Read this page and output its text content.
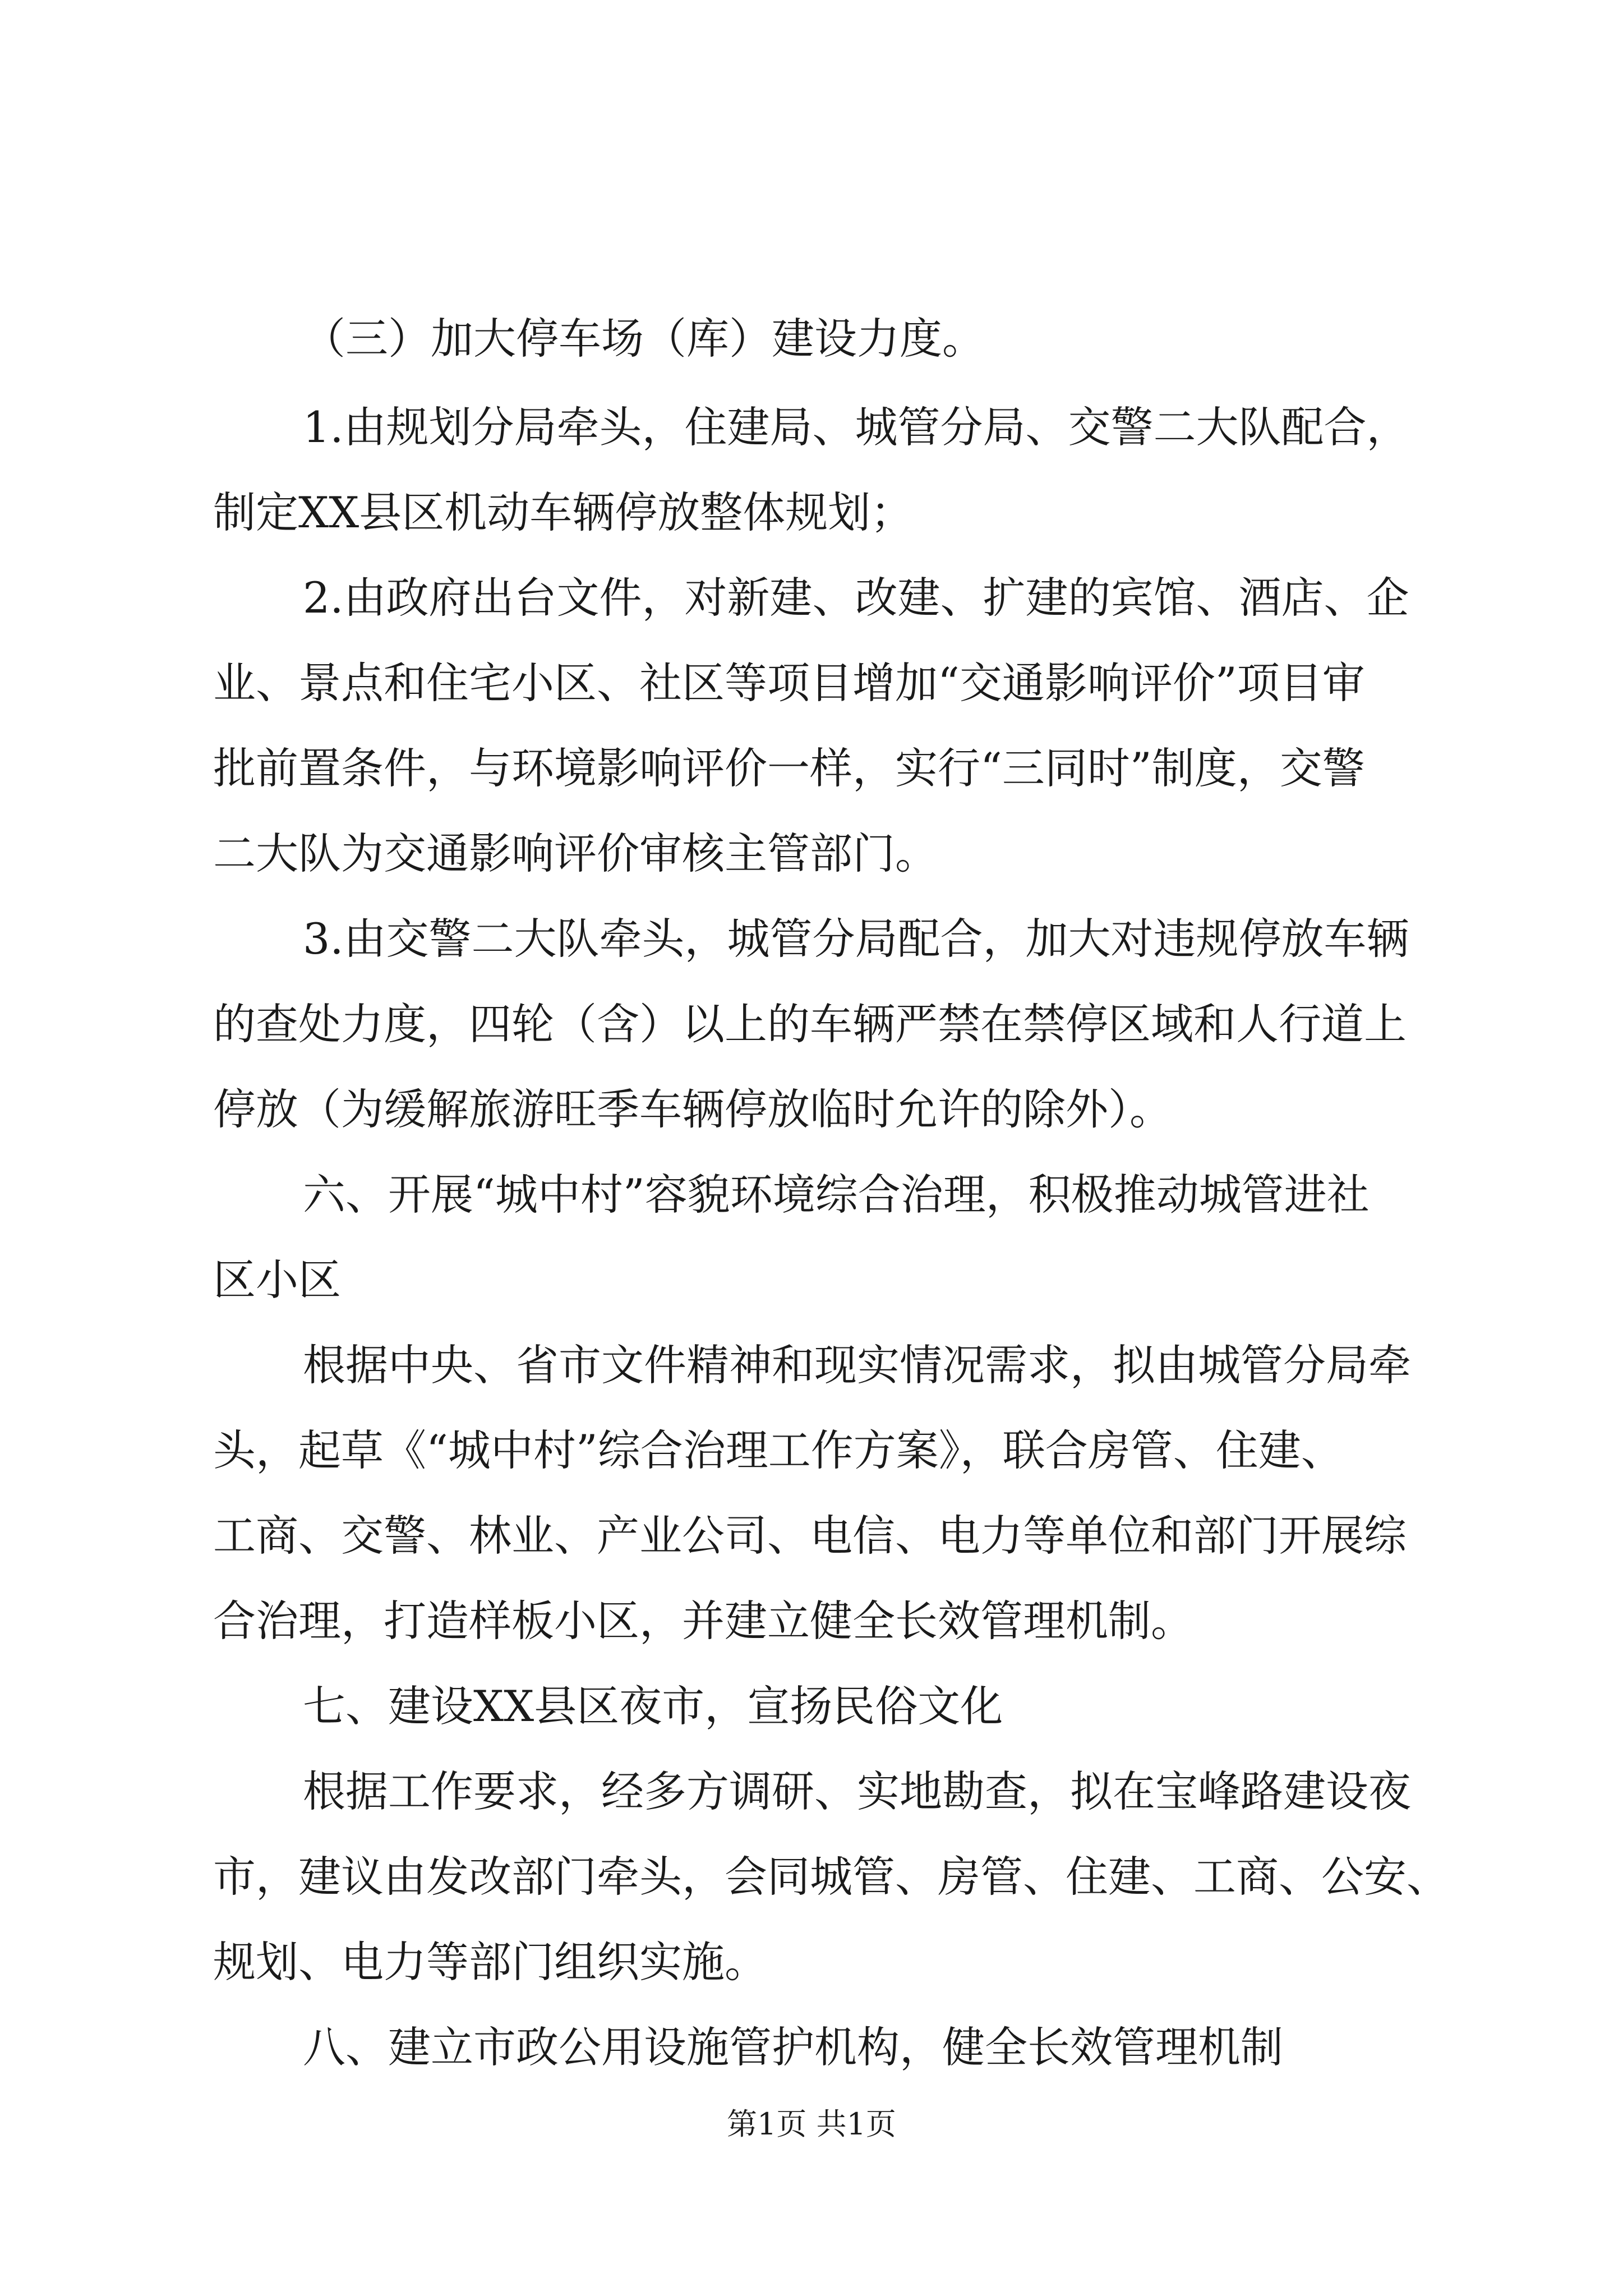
（三）加大停车场（库）建设力度。

1.由规划分局牵头，住建局、城管分局、交警二大队配合，

制定XX县区机动车辆停放整体规划；

2.由政府出台文件，对新建、改建、扩建的宾馆、酒店、企

业、景点和住宅小区、社区等项目增加“交通影响评价”项目审

批前置条件，与环境影响评价一样，实行“三同时”制度，交警

二大队为交通影响评价审核主管部门。

3.由交警二大队牵头，城管分局配合，加大对违规停放车辆

的查处力度，四轮（含）以上的车辆严禁在禁停区域和人行道上

停放（为缓解旅游旺季车辆停放临时允许的除外）。

六、开展“城中村”容貌环境综合治理，积极推动城管进社

区小区

根据中央、省市文件精神和现实情况需求，拟由城管分局牵

头，起草《“城中村”综合治理工作方案》，联合房管、住建、

工商、交警、林业、产业公司、电信、电力等单位和部门开展综

合治理，打造样板小区，并建立健全长效管理机制。

七、建设XX县区夜市，宣扬民俗文化

根据工作要求，经多方调研、实地勘查，拟在宝峰路建设夜

市，建议由发改部门牵头，会同城管、房管、住建、工商、公安、

规划、电力等部门组织实施。

八、建立市政公用设施管护机构，健全长效管理机制

第1页 共1页
